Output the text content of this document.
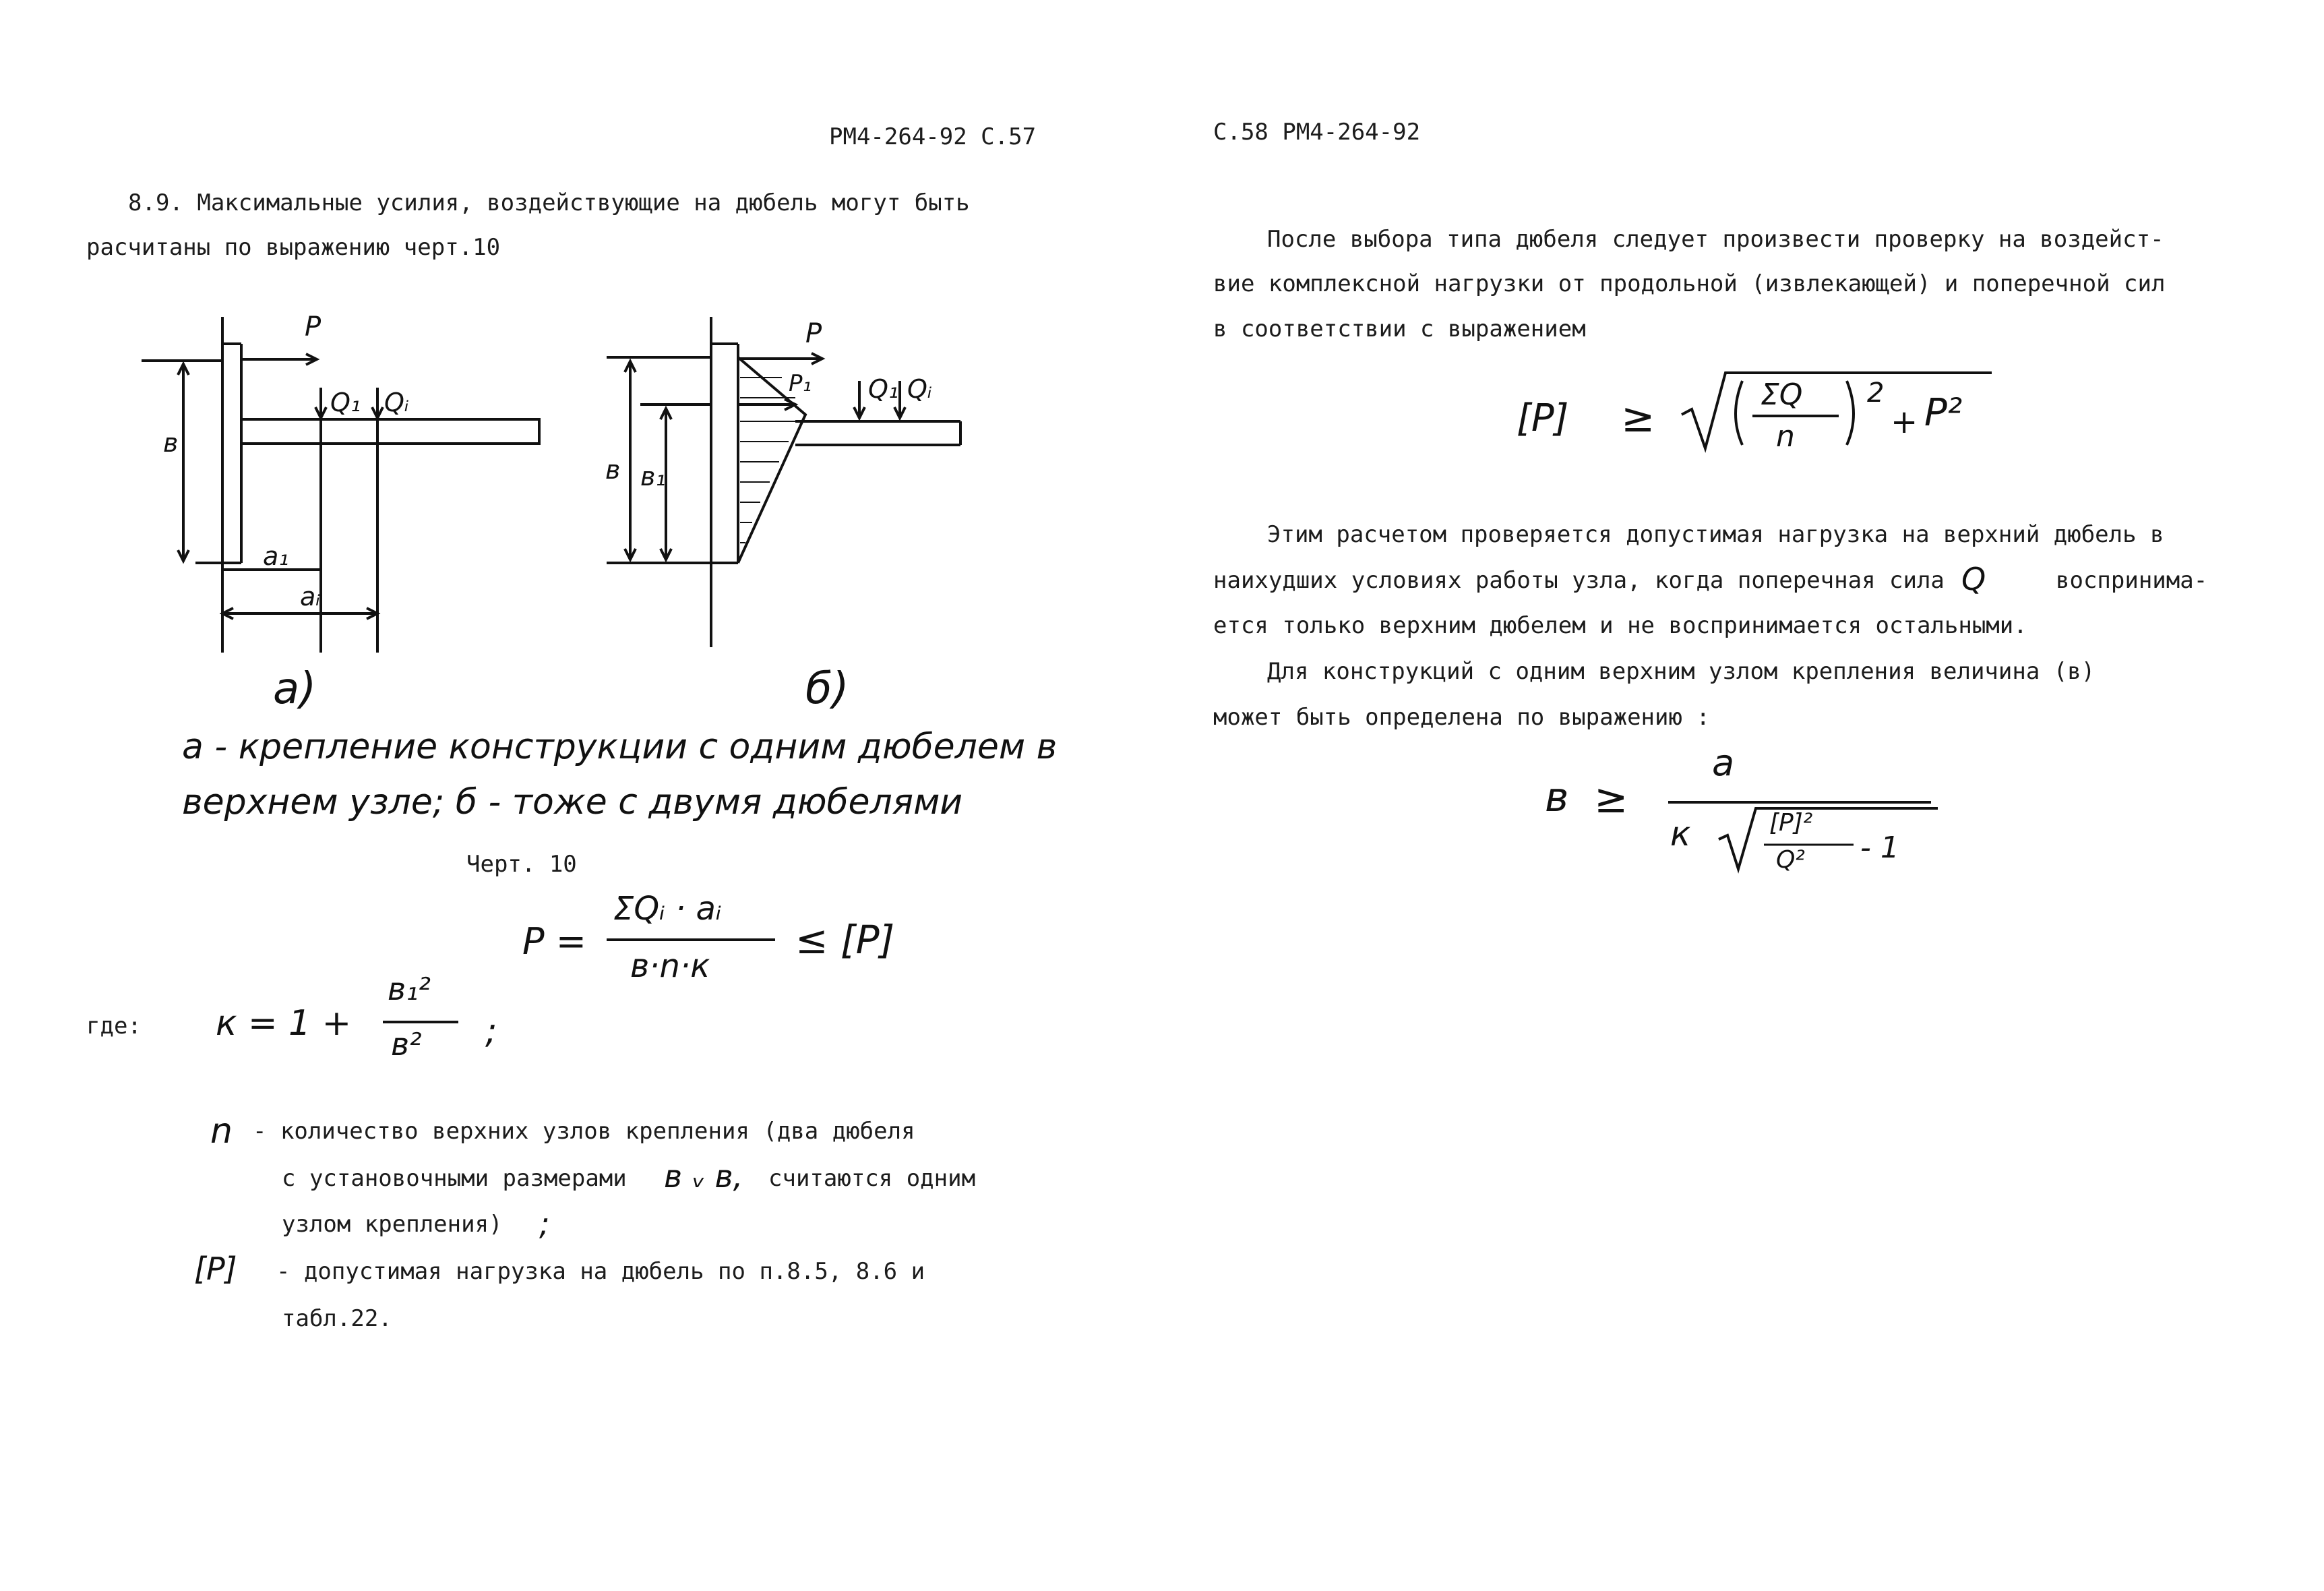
РМ4-264-92 С.57
8.9. Максимальные усилия, воздействующие на дюбель могут быть
расчитаны по выражению черт.10
P
Q₁ Qᵢ
в
a₁
aᵢ
P
P₁ Q₁ Qᵢ
в в₁
а)	б)
а - крепление конструкции с одним дюбелем в
верхнем узле; б - тоже с двумя дюбелями
Черт. 10
P =
ΣQᵢ · aᵢ
в·n·к
≤ [P]
где: к = 1 +
в₁²
в² ;
n - количество верхних узлов крепления (два дюбеля
с установочными размерами в ᵥ в, считаются одним
узлом крепления) ;
[P] - допустимая нагрузка на дюбель по п.8.5, 8.6 и
табл.22.
С.58 РМ4-264-92
После выбора типа дюбеля следует произвести проверку на воздейст-
вие комплексной нагрузки от продольной (извлекающей) и поперечной сил
в соответствии с выражением
[P] ≥	ΣQ
n
2
+ P²
Этим расчетом проверяется допустимая нагрузка на верхний дюбель в
наихудших условиях работы узла, когда поперечная сила Q	воспринима-
ется только верхним дюбелем и не воспринимается остальными.
Для конструкций с одним верхним узлом крепления величина (в)
может быть определена по выражению :
в ≥
a
к	[P]²
Q² - 1
